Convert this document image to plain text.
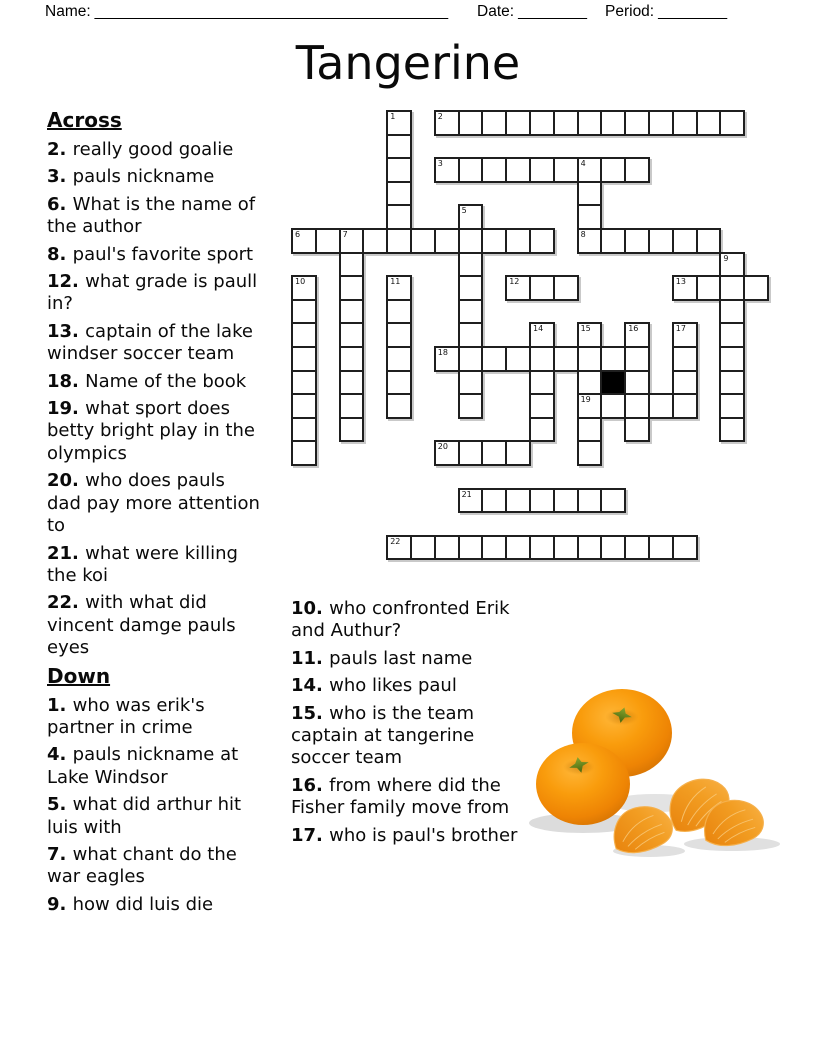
Name: _________________________________________ Date: ________ Period: ________
Tangerine
1	2
3	4
5
6	7	8
9
10	11	12	13
14	15	16	17
18
19
20
21
22
Across
2. really good goalie
3. pauls nickname
6. What is the name of the author
8. paul's favorite sport
12. what grade is paull in?
13. captain of the lake windser soccer team
18. Name of the book
19. what sport does betty bright play in the olympics
20. who does pauls dad pay more attention to
21. what were killing the koi
22. with what did vincent damge pauls eyes
Down
1. who was erik's partner in crime
4. pauls nickname at Lake Windsor
5. what did arthur hit luis with
7. what chant do the war eagles
9. how did luis die
10. who confronted Erik and Authur?
11. pauls last name
14. who likes paul
15. who is the team captain at tangerine soccer team
16. from where did the Fisher family move from
17. who is paul's brother
